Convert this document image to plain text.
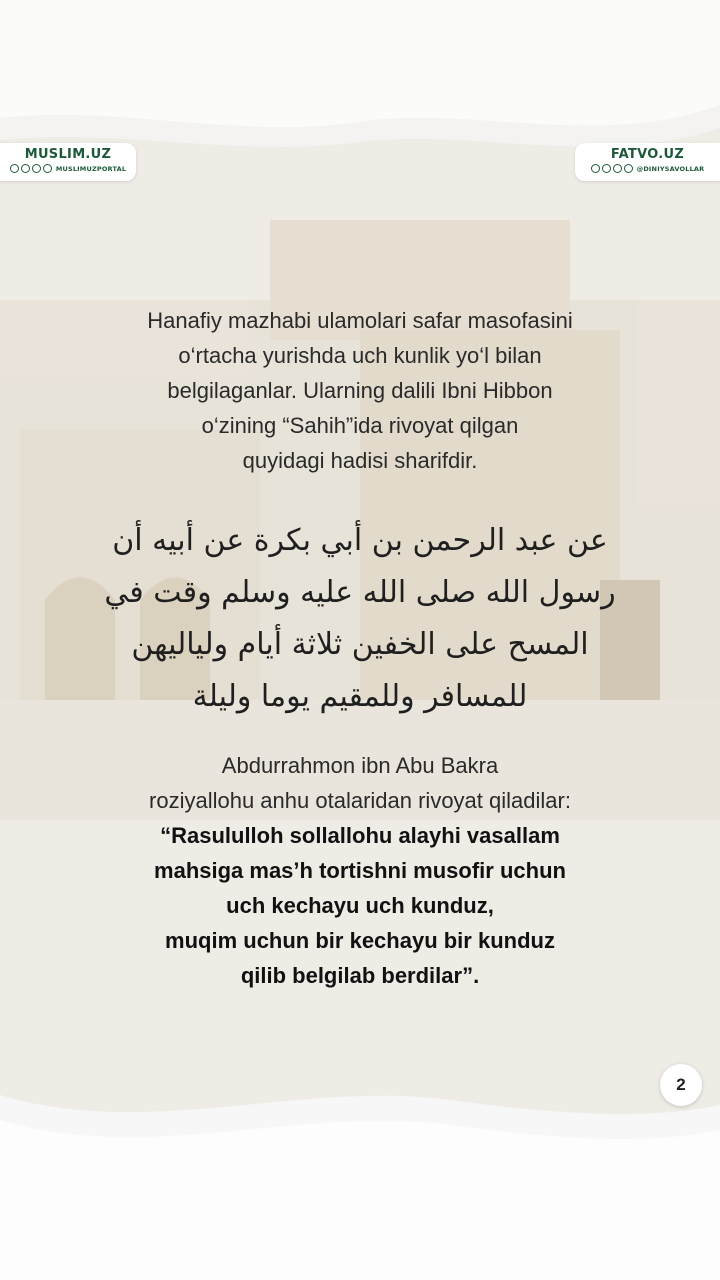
MUSLIM.UZ
MUSLIMUZPORTAL
FATVO.UZ
@DINIYSAVOLLAR

Hanafiy mazhabi ulamolari safar masofasini
o‘rtacha yurishda uch kunlik yo‘l bilan
belgilaganlar. Ularning dalili Ibni Hibbon
o‘zining “Sahih”ida rivoyat qilgan
quyidagi hadisi sharifdir.

عن عبد الرحمن بن أبي بكرة عن أبيه أن
رسول الله صلى الله عليه وسلم وقت في
المسح على الخفين ثلاثة أيام ولياليهن
للمسافر وللمقيم يوما وليلة

Abdurrahmon ibn Abu Bakra
roziyallohu anhu otalaridan rivoyat qiladilar:
“Rasululloh sollallohu alayhi vasallam
mahsiga mas’h tortishni musofir uchun
uch kechayu uch kunduz,
muqim uchun bir kechayu bir kunduz
qilib belgilab berdilar”.

2
